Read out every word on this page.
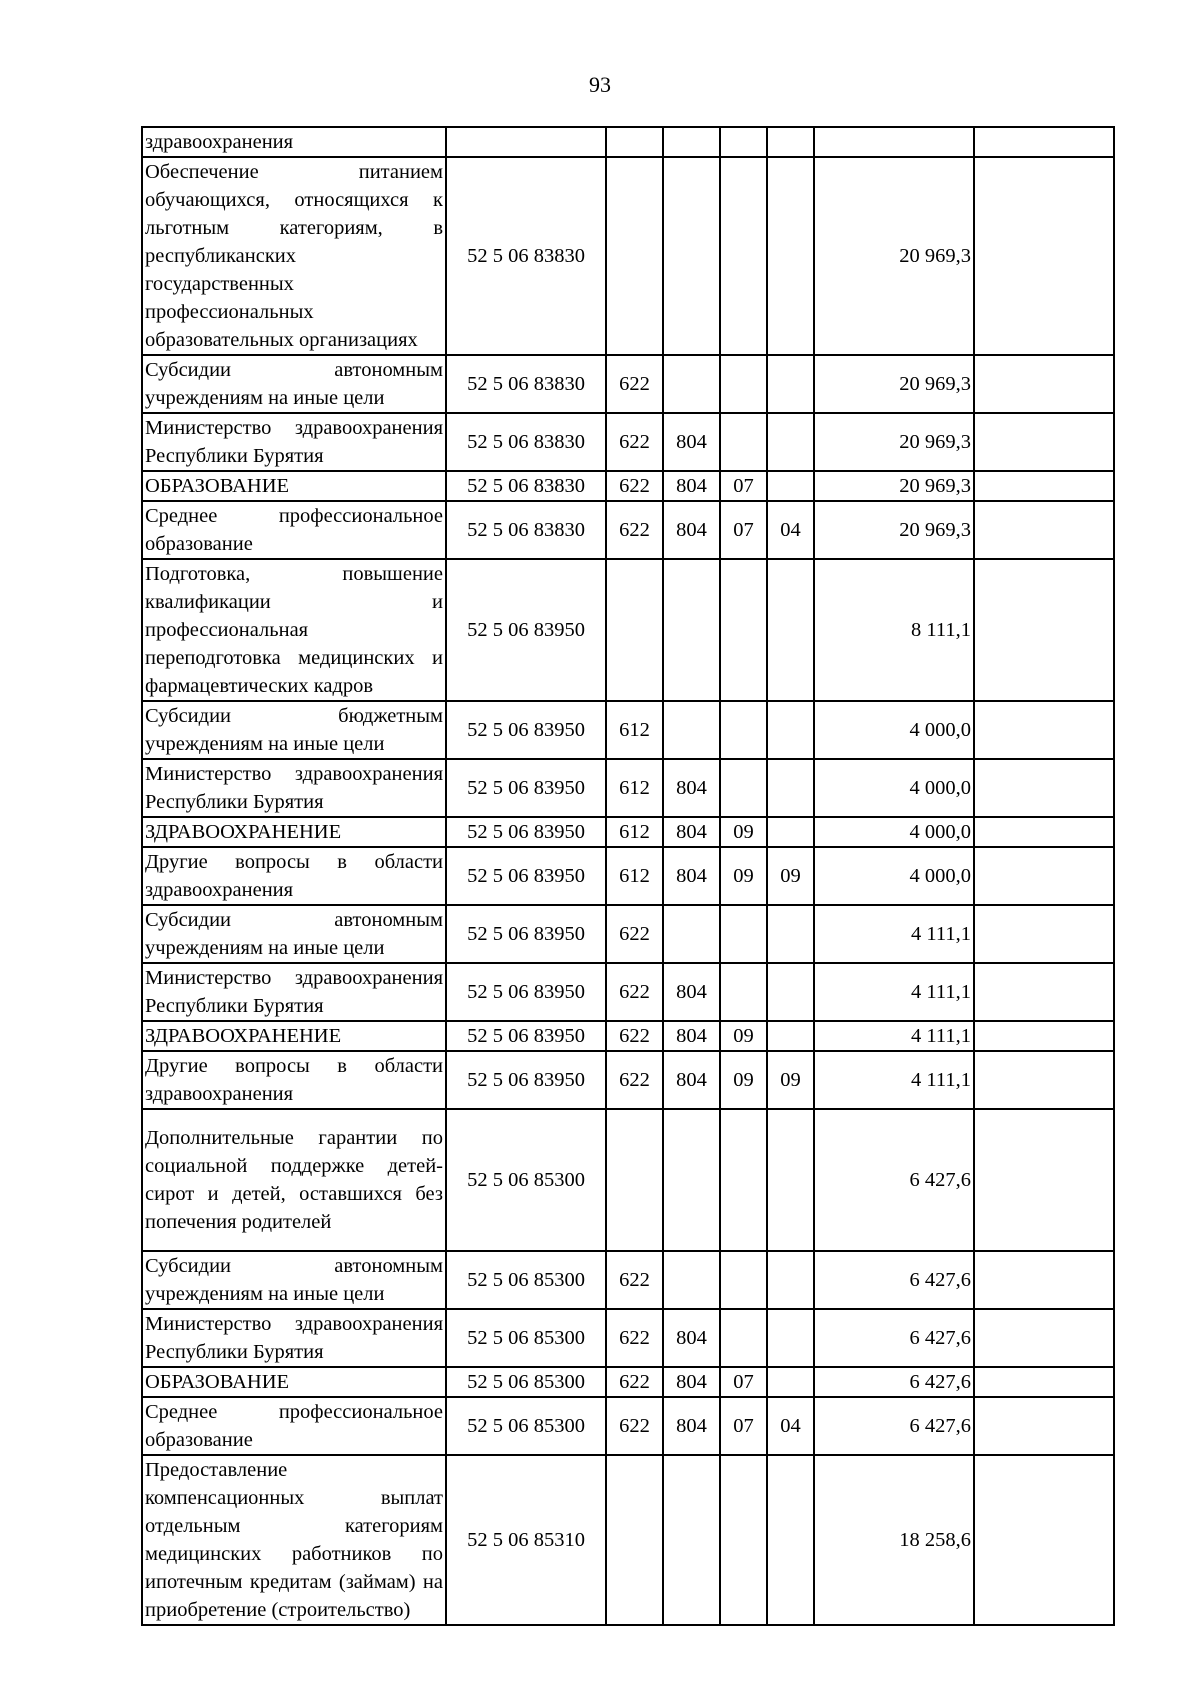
93
здравоохранения							
Обеспечение питанием обучающихся, относящихся к льготным категориям, в республиканских государственных профессиональных образовательных организациях	52 5 06 83830					20 969,3	
Субсидии автономным учреждениям на иные цели	52 5 06 83830	622				20 969,3	
Министерство здравоохранения Республики Бурятия	52 5 06 83830	622	804			20 969,3	
ОБРАЗОВАНИЕ	52 5 06 83830	622	804	07		20 969,3	
Среднее профессиональное образование	52 5 06 83830	622	804	07	04	20 969,3	
Подготовка, повышение квалификации и профессиональная переподготовка медицинских и фармацевтических кадров	52 5 06 83950					8 111,1	
Субсидии бюджетным учреждениям на иные цели	52 5 06 83950	612				4 000,0	
Министерство здравоохранения Республики Бурятия	52 5 06 83950	612	804			4 000,0	
ЗДРАВООХРАНЕНИЕ	52 5 06 83950	612	804	09		4 000,0	
Другие вопросы в области здравоохранения	52 5 06 83950	612	804	09	09	4 000,0	
Субсидии автономным учреждениям на иные цели	52 5 06 83950	622				4 111,1	
Министерство здравоохранения Республики Бурятия	52 5 06 83950	622	804			4 111,1	
ЗДРАВООХРАНЕНИЕ	52 5 06 83950	622	804	09		4 111,1	
Другие вопросы в области здравоохранения	52 5 06 83950	622	804	09	09	4 111,1	
Дополнительные гарантии по социальной поддержке детей-сирот и детей, оставшихся без попечения родителей	52 5 06 85300					6 427,6	
Субсидии автономным учреждениям на иные цели	52 5 06 85300	622				6 427,6	
Министерство здравоохранения Республики Бурятия	52 5 06 85300	622	804			6 427,6	
ОБРАЗОВАНИЕ	52 5 06 85300	622	804	07		6 427,6	
Среднее профессиональное образование	52 5 06 85300	622	804	07	04	6 427,6	
Предоставление компенсационных выплат отдельным категориям медицинских работников по ипотечным кредитам (займам) на приобретение (строительство)	52 5 06 85310					18 258,6	
